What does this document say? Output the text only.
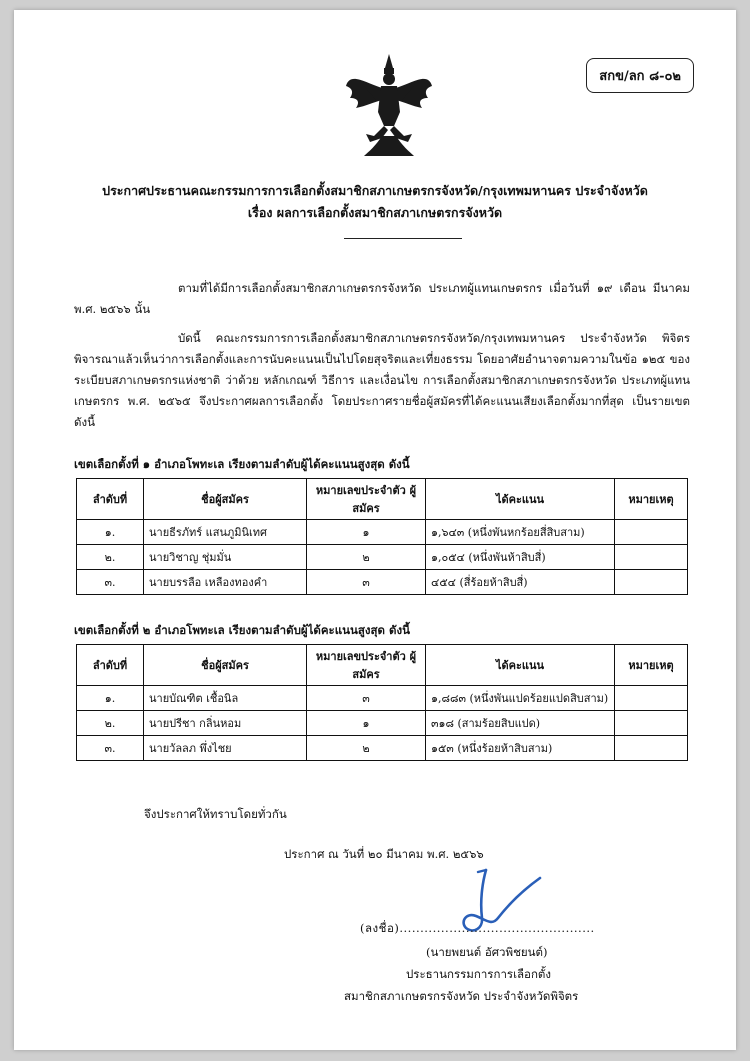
สกข/ลก ๘-๐๒
ประกาศประธานคณะกรรมการการเลือกตั้งสมาชิกสภาเกษตรกรจังหวัด/กรุงเทพมหานคร ประจำจังหวัด
เรื่อง ผลการเลือกตั้งสมาชิกสภาเกษตรกรจังหวัด
ตามที่ได้มีการเลือกตั้งสมาชิกสภาเกษตรกรจังหวัด ประเภทผู้แทนเกษตรกร เมื่อวันที่ ๑๙ เดือน มีนาคม พ.ศ. ๒๕๖๖ นั้น
บัดนี้ คณะกรรมการการเลือกตั้งสมาชิกสภาเกษตรกรจังหวัด/กรุงเทพมหานคร ประจำจังหวัด พิจิตร พิจารณาแล้วเห็นว่าการเลือกตั้งและการนับคะแนนเป็นไปโดยสุจริตและเที่ยงธรรม โดยอาศัยอำนาจตามความในข้อ ๑๒๕ ของระเบียบสภาเกษตรกรแห่งชาติ ว่าด้วย หลักเกณฑ์ วิธีการ และเงื่อนไข การเลือกตั้งสมาชิกสภาเกษตรกรจังหวัด ประเภทผู้แทนเกษตรกร พ.ศ. ๒๕๖๕ จึงประกาศผลการเลือกตั้ง โดยประกาศรายชื่อผู้สมัครที่ได้คะแนนเสียงเลือกตั้งมากที่สุด เป็นรายเขต ดังนี้
เขตเลือกตั้งที่ ๑ อำเภอโพทะเล เรียงตามลำดับผู้ได้คะแนนสูงสุด ดังนี้
ลำดับที่	ชื่อผู้สมัคร	หมายเลขประจำตัว ผู้สมัคร	ได้คะแนน	หมายเหตุ
๑.	นายธีรภัทร์ แสนภูมินิเทศ	๑	๑,๖๔๓ (หนึ่งพันหกร้อยสี่สิบสาม)	
๒.	นายวิชาญ ชุ่มมั่น	๒	๑,๐๕๔ (หนึ่งพันห้าสิบสี่)	
๓.	นายบรรลือ เหลืองทองคำ	๓	๔๕๔ (สี่ร้อยห้าสิบสี่)	
เขตเลือกตั้งที่ ๒ อำเภอโพทะเล เรียงตามลำดับผู้ได้คะแนนสูงสุด ดังนี้
ลำดับที่	ชื่อผู้สมัคร	หมายเลขประจำตัว ผู้สมัคร	ได้คะแนน	หมายเหตุ
๑.	นายบัณฑิต เชื้อนิล	๓	๑,๘๘๓ (หนึ่งพันแปดร้อยแปดสิบสาม)	
๒.	นายปรีชา กลิ่นหอม	๑	๓๑๘ (สามร้อยสิบแปด)	
๓.	นายวัลลภ พึ่งไชย	๒	๑๕๓ (หนึ่งร้อยห้าสิบสาม)	
จึงประกาศให้ทราบโดยทั่วกัน
ประกาศ ณ วันที่ ๒๐ มีนาคม พ.ศ. ๒๕๖๖
(ลงชื่อ)...............................................
(นายพยนต์ อัศวพิชยนต์)
ประธานกรรมการการเลือกตั้ง
สมาชิกสภาเกษตรกรจังหวัด ประจำจังหวัดพิจิตร
